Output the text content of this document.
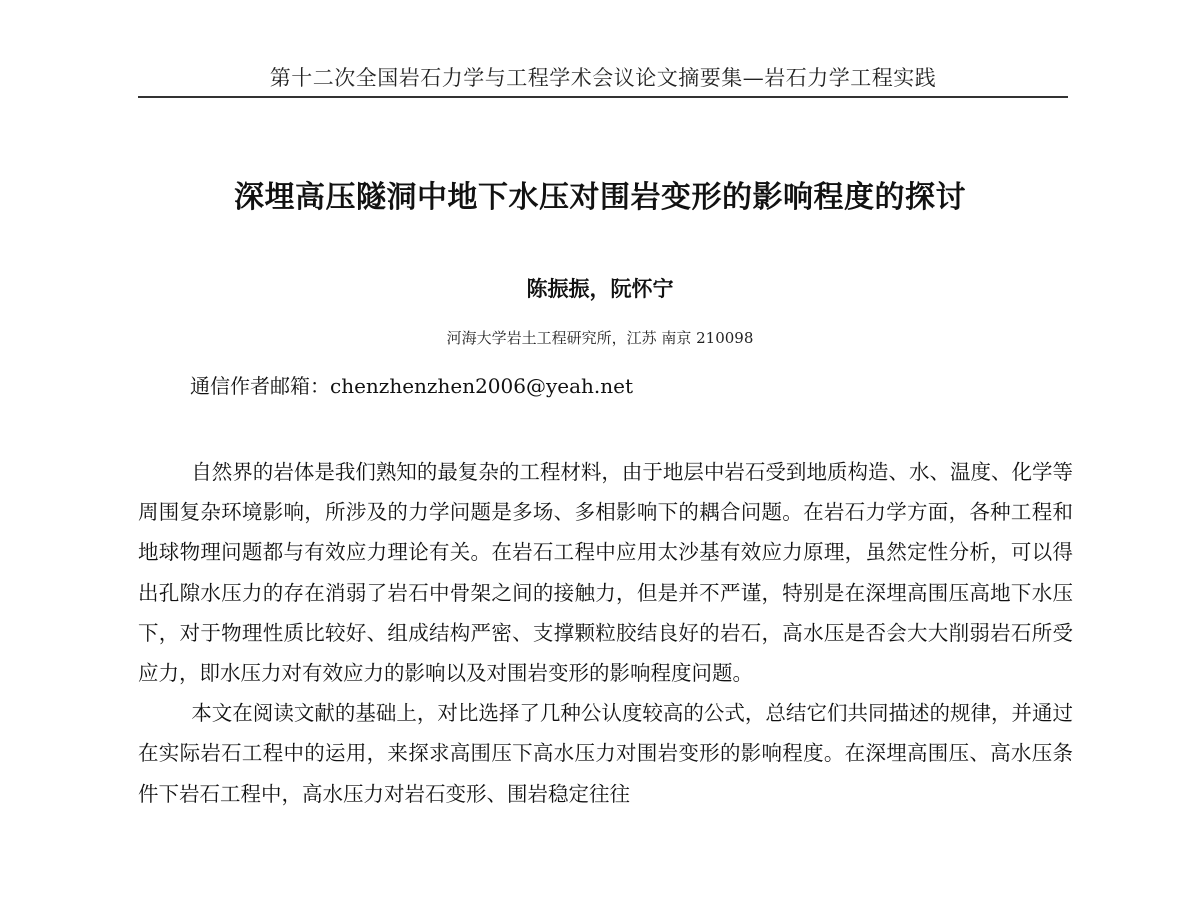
第十二次全国岩石力学与工程学术会议论文摘要集—岩石力学工程实践
深埋高压隧洞中地下水压对围岩变形的影响程度的探讨
陈振振，阮怀宁
河海大学岩土工程研究所，江苏 南京 210098
通信作者邮箱：chenzhenzhen2006@yeah.net

自然界的岩体是我们熟知的最复杂的工程材料，由于地层中岩石受到地质构造、水、温度、化学等周围复杂环境影响，所涉及的力学问题是多场、多相影响下的耦合问题。在岩石力学方面，各种工程和地球物理问题都与有效应力理论有关。在岩石工程中应用太沙基有效应力原理，虽然定性分析，可以得出孔隙水压力的存在消弱了岩石中骨架之间的接触力，但是并不严谨，特别是在深埋高围压高地下水压下，对于物理性质比较好、组成结构严密、支撑颗粒胶结良好的岩石，高水压是否会大大削弱岩石所受应力，即水压力对有效应力的影响以及对围岩变形的影响程度问题。

本文在阅读文献的基础上，对比选择了几种公认度较高的公式，总结它们共同描述的规律，并通过在实际岩石工程中的运用，来探求高围压下高水压力对围岩变形的影响程度。在深埋高围压、高水压条件下岩石工程中，高水压力对岩石变形、围岩稳定往往
